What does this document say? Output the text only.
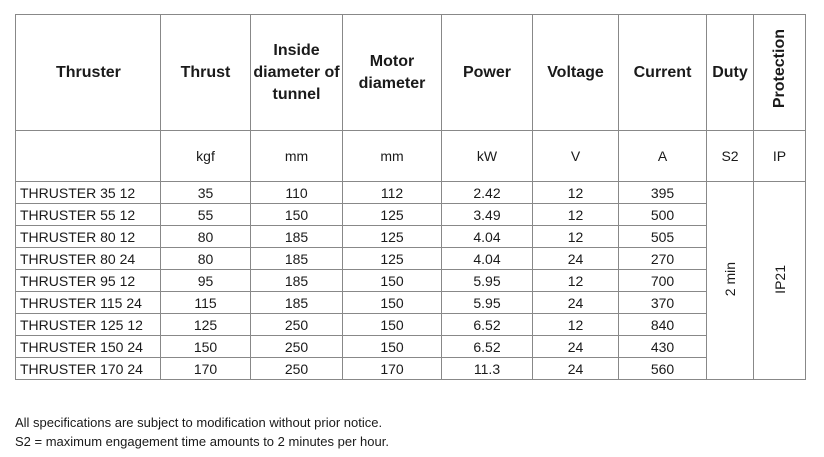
Thruster	Thrust	Inside diameter of tunnel	Motor diameter	Power	Voltage	Current	Duty	Protection
	kgf	mm	mm	kW	V	A	S2	IP
THRUSTER 35 12	35	110	112	2.42	12	395	2 min	IP21
THRUSTER 55 12	55	150	125	3.49	12	500		
THRUSTER 80 12	80	185	125	4.04	12	505		
THRUSTER 80 24	80	185	125	4.04	24	270		
THRUSTER 95 12	95	185	150	5.95	12	700		
THRUSTER 115 24	115	185	150	5.95	24	370		
THRUSTER 125 12	125	250	150	6.52	12	840		
THRUSTER 150 24	150	250	150	6.52	24	430		
THRUSTER 170 24	170	250	170	11.3	24	560		
All specifications are subject to modification without prior notice.
S2 = maximum engagement time amounts to 2 minutes per hour.
